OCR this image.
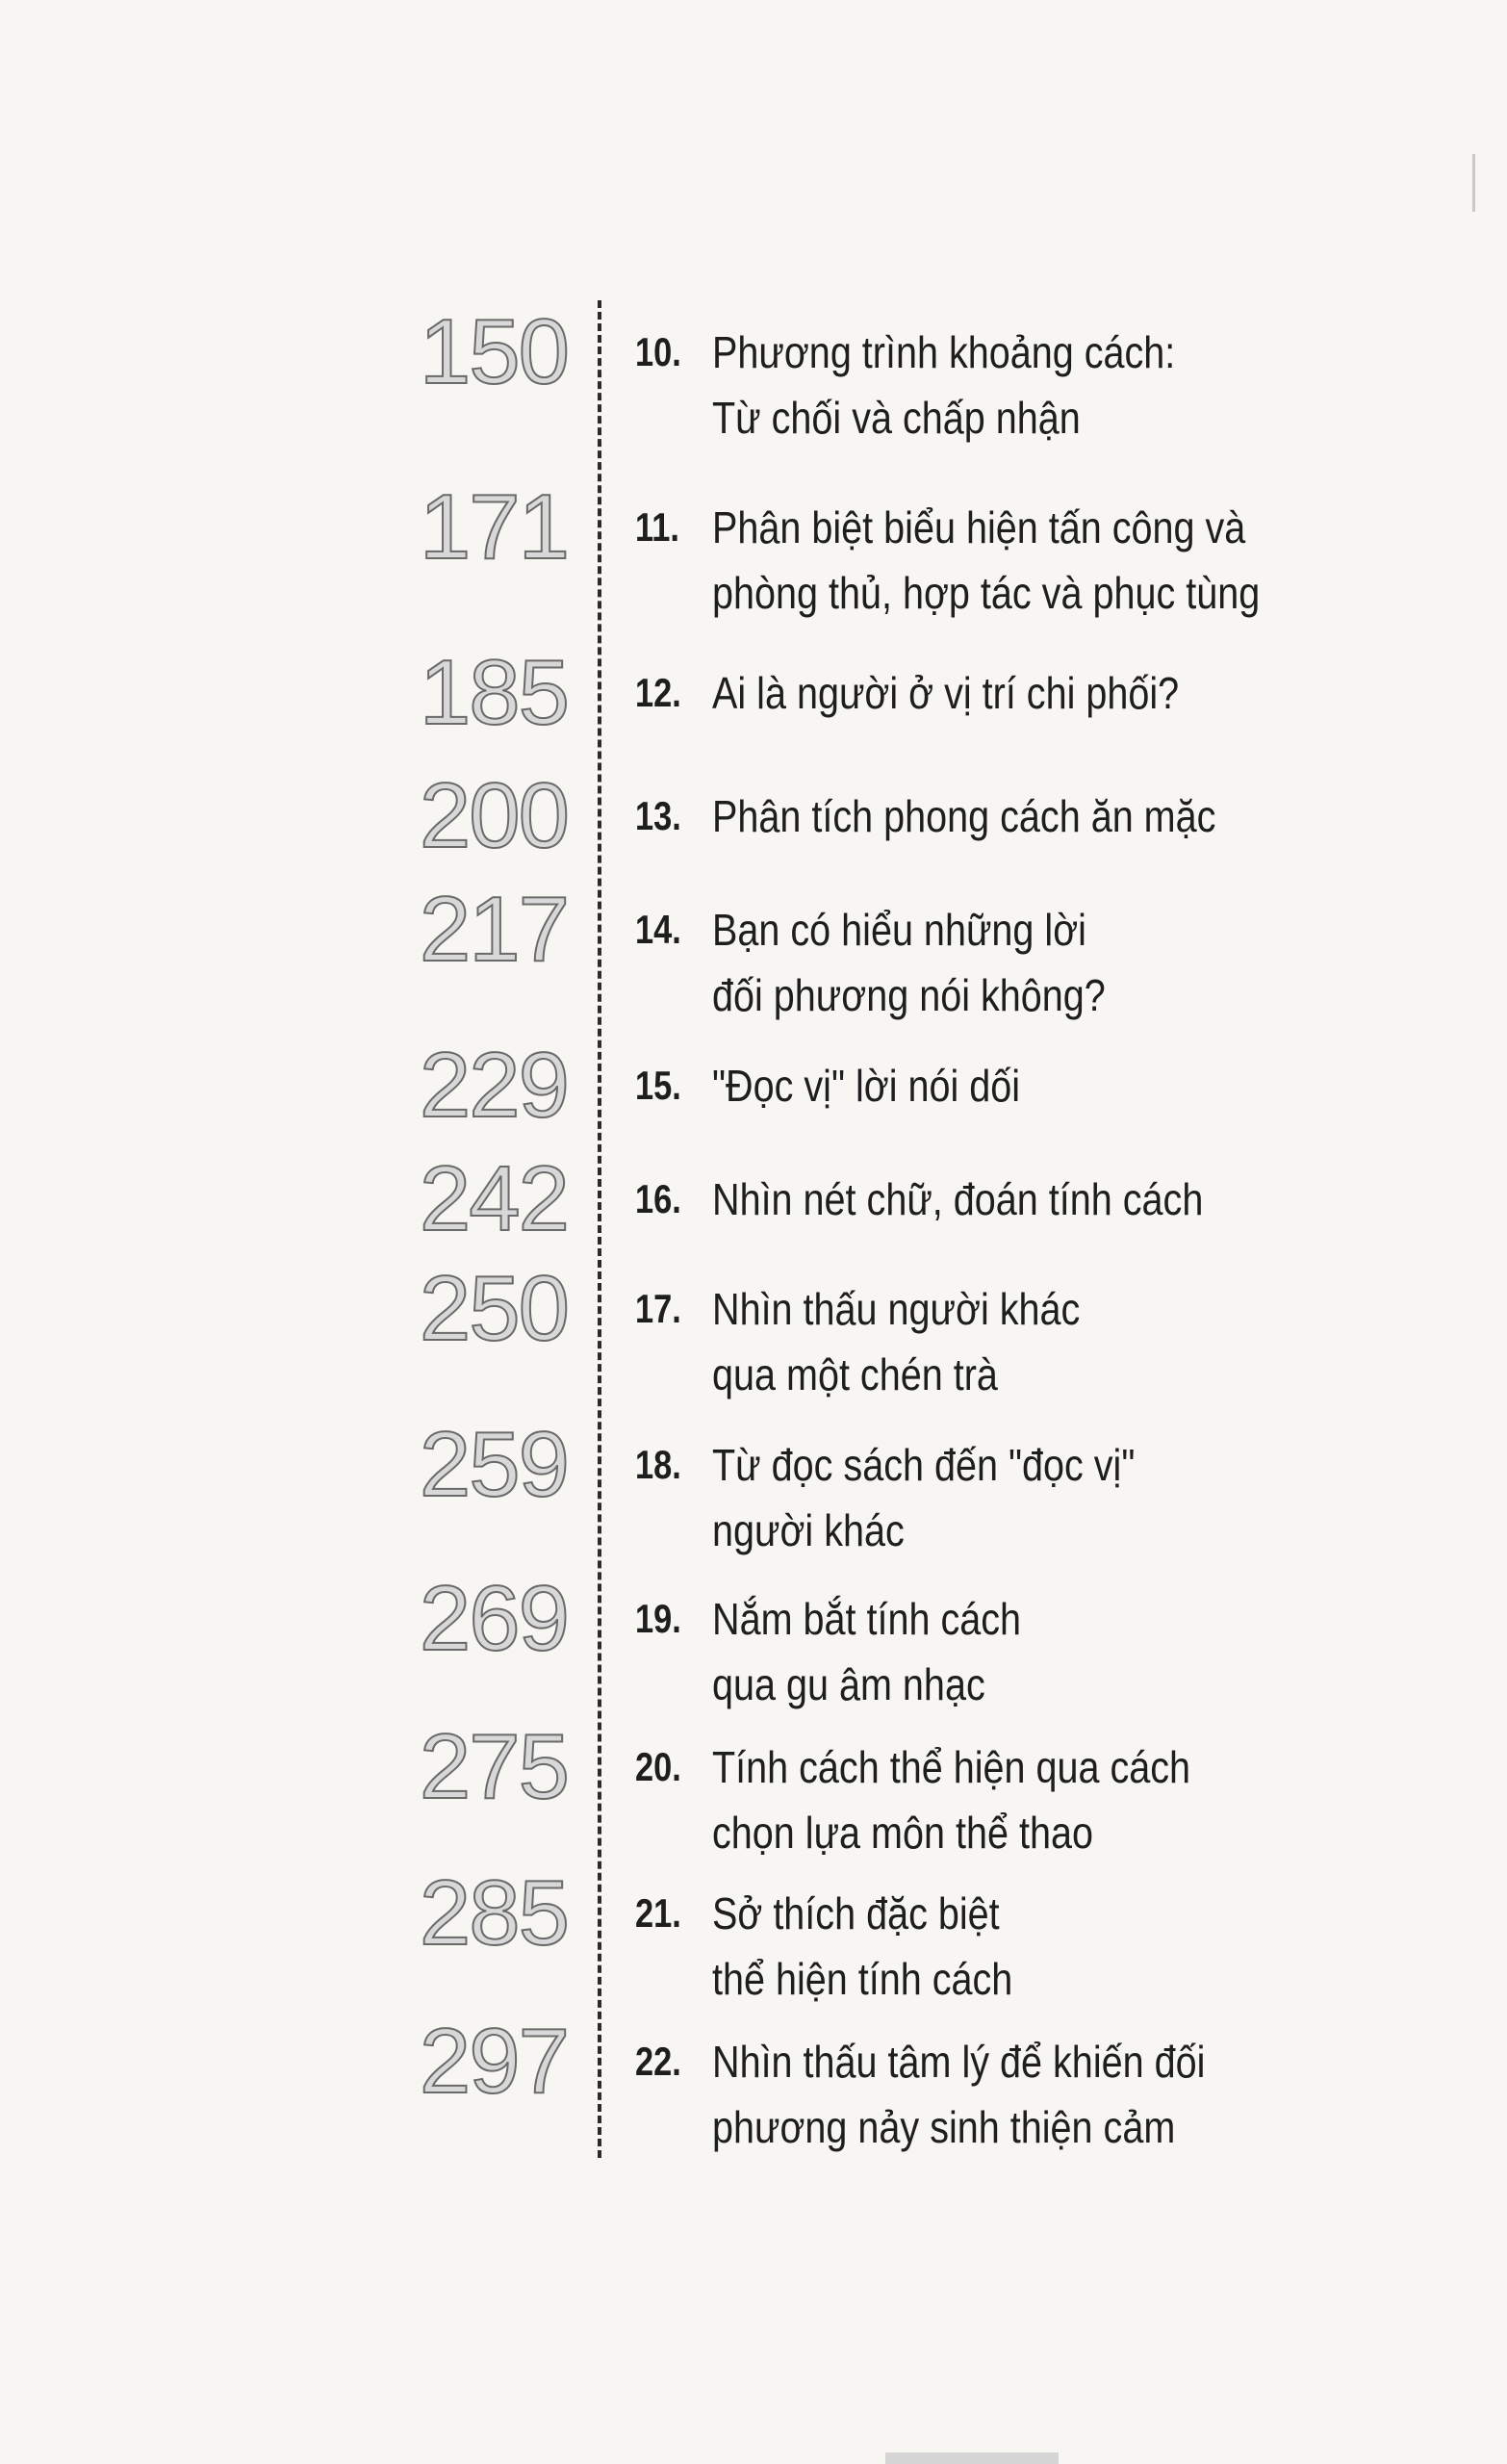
150 10. Phương trình khoảng cách:
Từ chối và chấp nhận
171 11. Phân biệt biểu hiện tấn công và
phòng thủ, hợp tác và phục tùng
185 12. Ai là người ở vị trí chi phối?
200 13. Phân tích phong cách ăn mặc
217 14. Bạn có hiểu những lời
đối phương nói không?
229 15. "Đọc vị" lời nói dối
242 16. Nhìn nét chữ, đoán tính cách
250 17. Nhìn thấu người khác
qua một chén trà
259 18. Từ đọc sách đến "đọc vị"
người khác
269 19. Nắm bắt tính cách
qua gu âm nhạc
275 20. Tính cách thể hiện qua cách
chọn lựa môn thể thao
285 21. Sở thích đặc biệt
thể hiện tính cách
297 22. Nhìn thấu tâm lý để khiến đối
phương nảy sinh thiện cảm
